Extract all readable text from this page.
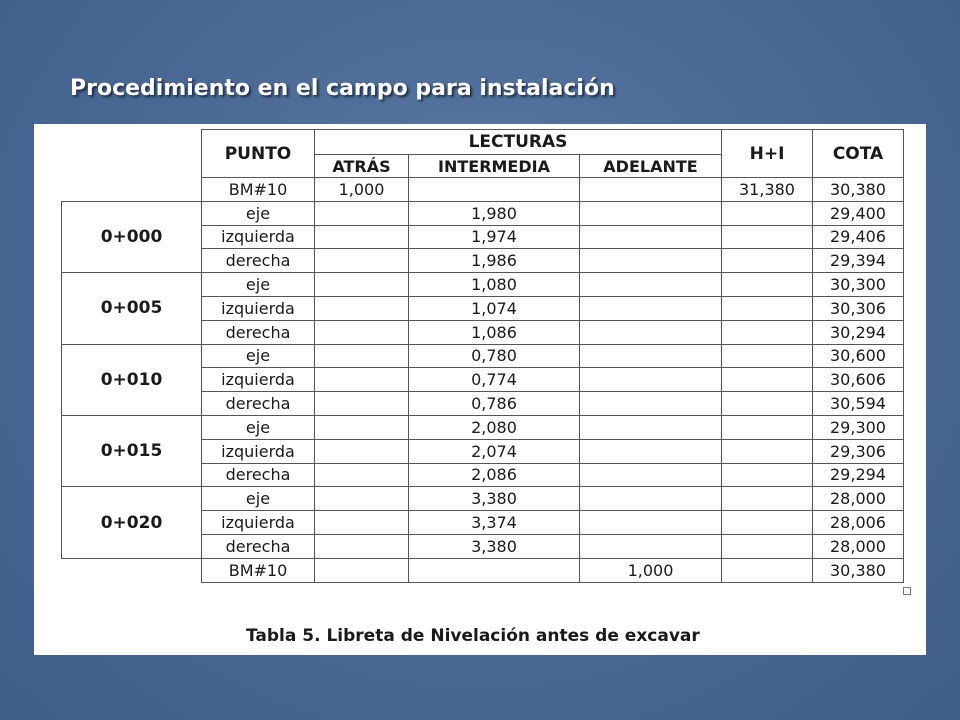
Procedimiento en el campo para instalación
	PUNTO	LECTURAS			H+I	COTA
		ATRÁS	INTERMEDIA	ADELANTE		
	BM#10	1,000			31,380	30,380
0+000	eje		1,980			29,400
	izquierda		1,974			29,406
	derecha		1,986			29,394
0+005	eje		1,080			30,300
	izquierda		1,074			30,306
	derecha		1,086			30,294
0+010	eje		0,780			30,600
	izquierda		0,774			30,606
	derecha		0,786			30,594
0+015	eje		2,080			29,300
	izquierda		2,074			29,306
	derecha		2,086			29,294
0+020	eje		3,380			28,000
	izquierda		3,374			28,006
	derecha		3,380			28,000
	BM#10			1,000		30,380
Tabla 5. Libreta de Nivelación antes de excavar
